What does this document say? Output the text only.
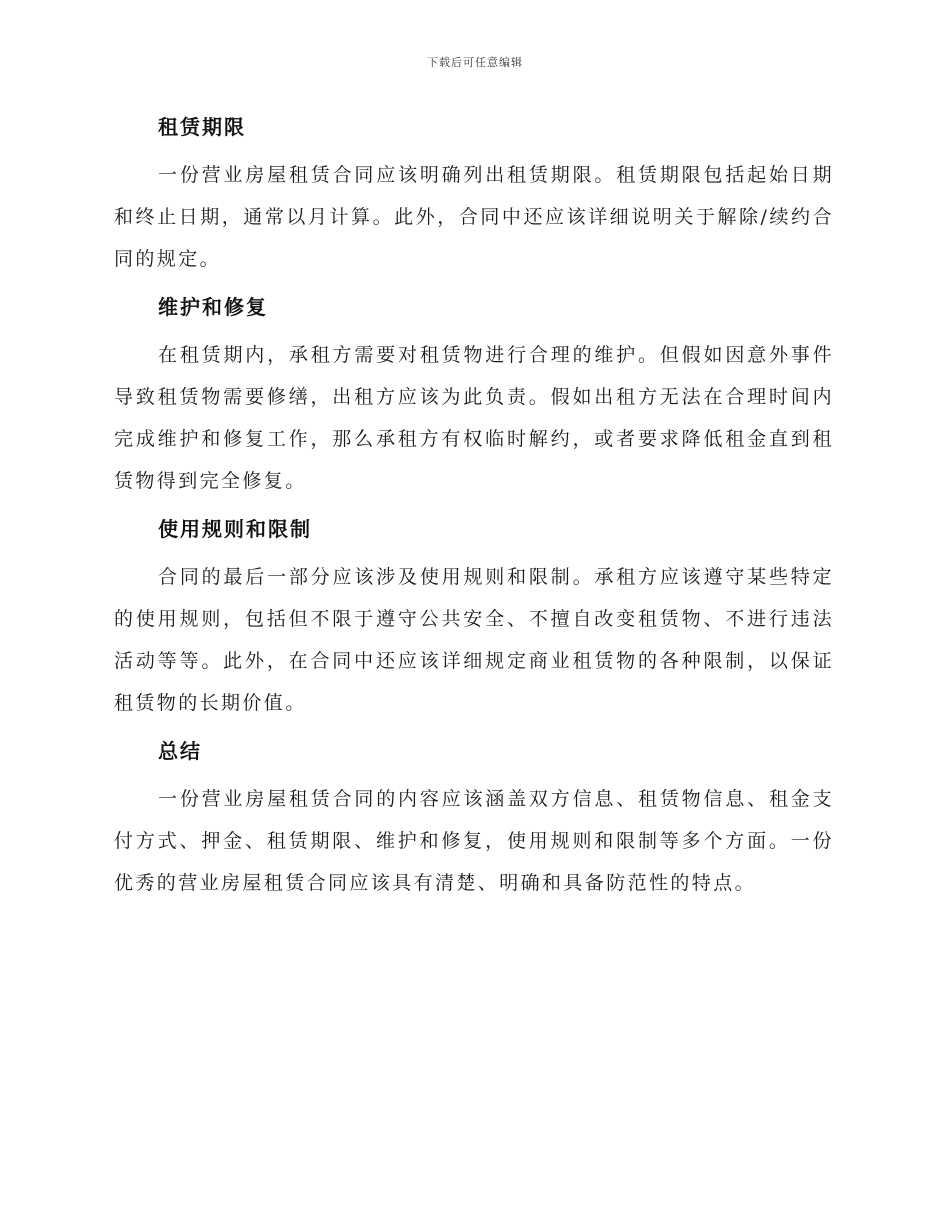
下载后可任意编辑
租赁期限

一份营业房屋租赁合同应该明确列出租赁期限。租赁期限包括起始日期和终止日期，通常以月计算。此外，合同中还应该详细说明关于解除/续约合同的规定。

维护和修复

在租赁期内，承租方需要对租赁物进行合理的维护。但假如因意外事件导致租赁物需要修缮，出租方应该为此负责。假如出租方无法在合理时间内完成维护和修复工作，那么承租方有权临时解约，或者要求降低租金直到租赁物得到完全修复。

使用规则和限制

合同的最后一部分应该涉及使用规则和限制。承租方应该遵守某些特定的使用规则，包括但不限于遵守公共安全、不擅自改变租赁物、不进行违法活动等等。此外，在合同中还应该详细规定商业租赁物的各种限制，以保证租赁物的长期价值。

总结

一份营业房屋租赁合同的内容应该涵盖双方信息、租赁物信息、租金支付方式、押金、租赁期限、维护和修复，使用规则和限制等多个方面。一份优秀的营业房屋租赁合同应该具有清楚、明确和具备防范性的特点。
